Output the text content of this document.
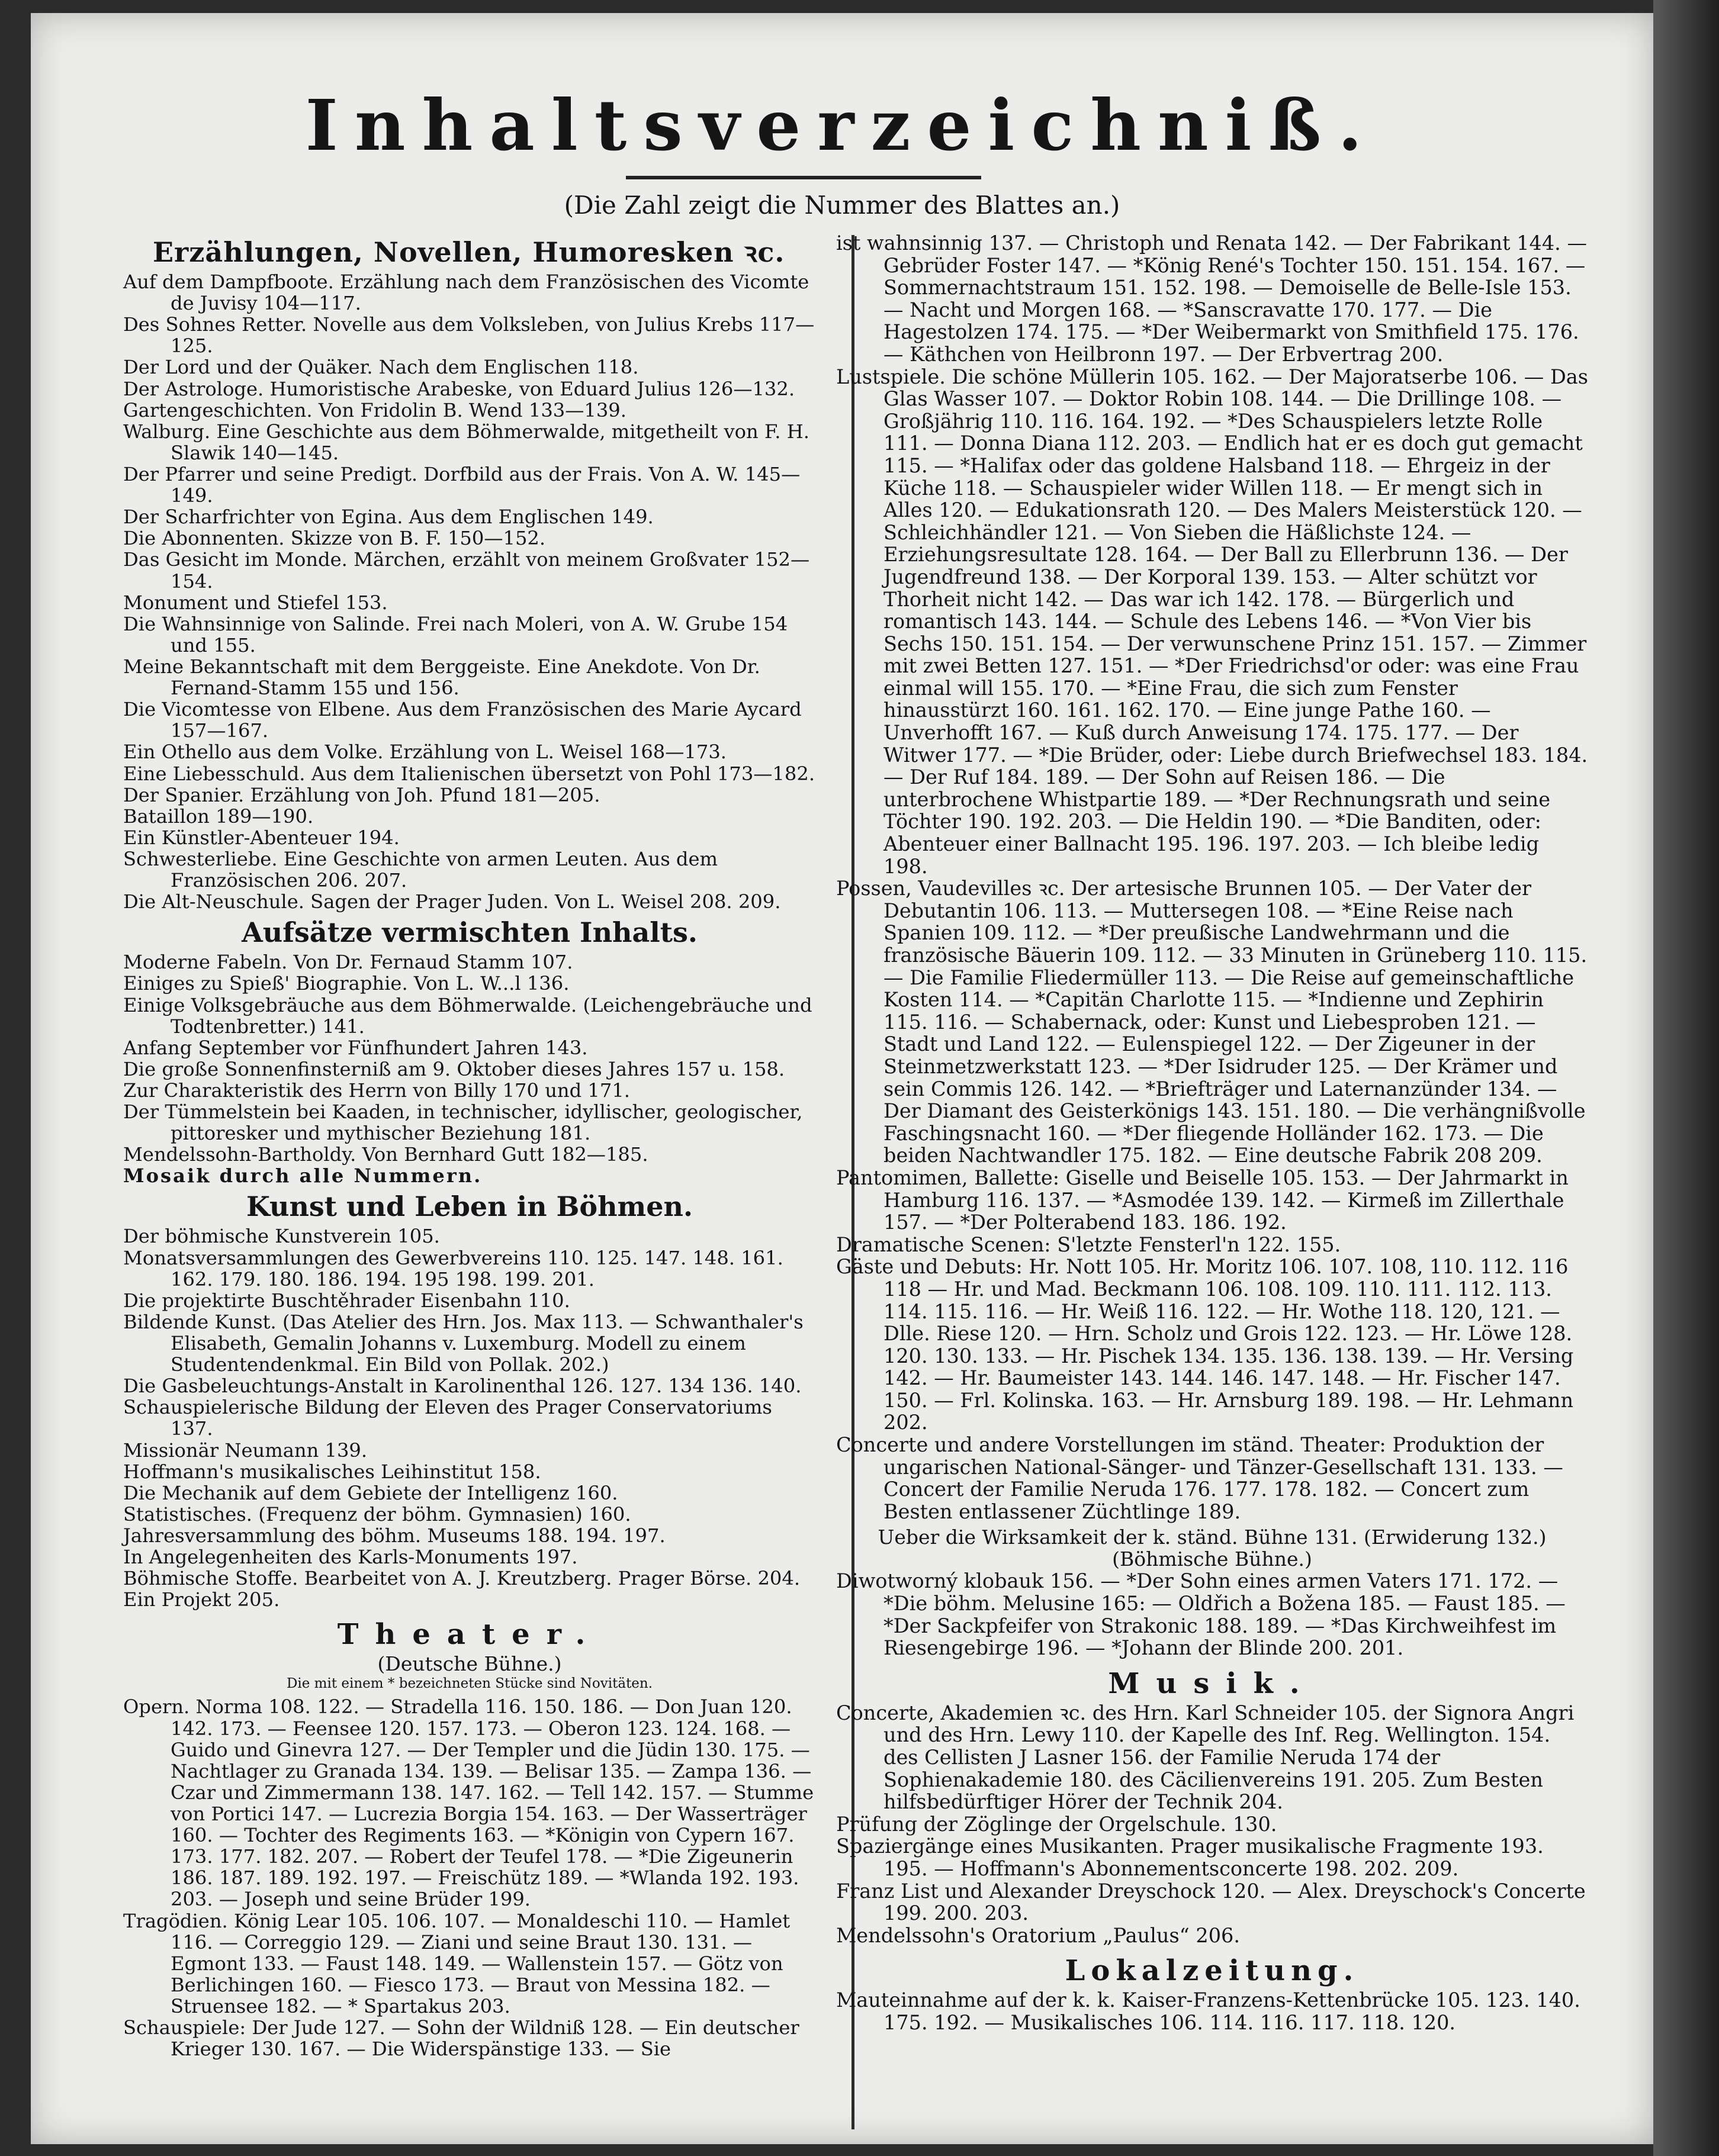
Inhaltsverzeichniß.
(Die Zahl zeigt die Nummer des Blattes an.)
Erzählungen, Novellen, Humoresken ꝛc.

Auf dem Dampfboote. Erzählung nach dem Französischen des Vicomte de Juvisy 104—117.

Des Sohnes Retter. Novelle aus dem Volksleben, von Julius Krebs 117—125.

Der Lord und der Quäker. Nach dem Englischen 118.

Der Astrologe. Humoristische Arabeske, von Eduard Julius 126—132.

Gartengeschichten. Von Fridolin B. Wend 133—139.

Walburg. Eine Geschichte aus dem Böhmerwalde, mitgetheilt von F. H. Slawik 140—145.

Der Pfarrer und seine Predigt. Dorfbild aus der Frais. Von A. W. 145—149.

Der Scharfrichter von Egina. Aus dem Englischen 149.

Die Abonnenten. Skizze von B. F. 150—152.

Das Gesicht im Monde. Märchen, erzählt von meinem Großvater 152—154.

Monument und Stiefel 153.

Die Wahnsinnige von Salinde. Frei nach Moleri, von A. W. Grube 154 und 155.

Meine Bekanntschaft mit dem Berggeiste. Eine Anekdote. Von Dr. Fernand-Stamm 155 und 156.

Die Vicomtesse von Elbene. Aus dem Französischen des Marie Aycard 157—167.

Ein Othello aus dem Volke. Erzählung von L. Weisel 168—173.

Eine Liebesschuld. Aus dem Italienischen übersetzt von Pohl 173—182.

Der Spanier. Erzählung von Joh. Pfund 181—205.

Bataillon 189—190.

Ein Künstler-Abenteuer 194.

Schwesterliebe. Eine Geschichte von armen Leuten. Aus dem Französischen 206. 207.

Die Alt-Neuschule. Sagen der Prager Juden. Von L. Weisel 208. 209.

Aufsätze vermischten Inhalts.

Moderne Fabeln. Von Dr. Fernaud Stamm 107.

Einiges zu Spieß' Biographie. Von L. W...l 136.

Einige Volksgebräuche aus dem Böhmerwalde. (Leichengebräuche und Todtenbretter.) 141.

Anfang September vor Fünfhundert Jahren 143.

Die große Sonnenfinsterniß am 9. Oktober dieses Jahres 157 u. 158.

Zur Charakteristik des Herrn von Billy 170 und 171.

Der Tümmelstein bei Kaaden, in technischer, idyllischer, geologischer, pittoresker und mythischer Beziehung 181.

Mendelssohn-Bartholdy. Von Bernhard Gutt 182—185.

Mosaik durch alle Nummern.

Kunst und Leben in Böhmen.

Der böhmische Kunstverein 105.

Monatsversammlungen des Gewerbvereins 110. 125. 147. 148. 161. 162. 179. 180. 186. 194. 195 198. 199. 201.

Die projektirte Buschtěhrader Eisenbahn 110.

Bildende Kunst. (Das Atelier des Hrn. Jos. Max 113. — Schwanthaler's Elisabeth, Gemalin Johanns v. Luxemburg. Modell zu einem Studentendenkmal. Ein Bild von Pollak. 202.)

Die Gasbeleuchtungs-Anstalt in Karolinenthal 126. 127. 134 136. 140.

Schauspielerische Bildung der Eleven des Prager Conservatoriums 137.

Missionär Neumann 139.

Hoffmann's musikalisches Leihinstitut 158.

Die Mechanik auf dem Gebiete der Intelligenz 160.

Statistisches. (Frequenz der böhm. Gymnasien) 160.

Jahresversammlung des böhm. Museums 188. 194. 197.

In Angelegenheiten des Karls-Monuments 197.

Böhmische Stoffe. Bearbeitet von A. J. Kreutzberg. Prager Börse. 204.

Ein Projekt 205.

Theater.
(Deutsche Bühne.)
Die mit einem * bezeichneten Stücke sind Novitäten.

Opern. Norma 108. 122. — Stradella 116. 150. 186. — Don Juan 120. 142. 173. — Feensee 120. 157. 173. — Oberon 123. 124. 168. — Guido und Ginevra 127. — Der Templer und die Jüdin 130. 175. — Nachtlager zu Granada 134. 139. — Belisar 135. — Zampa 136. — Czar und Zimmermann 138. 147. 162. — Tell 142. 157. — Stumme von Portici 147. — Lucrezia Borgia 154. 163. — Der Wasserträger 160. — Tochter des Regiments 163. — *Königin von Cypern 167. 173. 177. 182. 207. — Robert der Teufel 178. — *Die Zigeunerin 186. 187. 189. 192. 197. — Freischütz 189. — *Wlanda 192. 193. 203. — Joseph und seine Brüder 199.

Tragödien. König Lear 105. 106. 107. — Monaldeschi 110. — Hamlet 116. — Correggio 129. — Ziani und seine Braut 130. 131. — Egmont 133. — Faust 148. 149. — Wallenstein 157. — Götz von Berlichingen 160. — Fiesco 173. — Braut von Messina 182. — Struensee 182. — * Spartakus 203.

Schauspiele: Der Jude 127. — Sohn der Wildniß 128. — Ein deutscher Krieger 130. 167. — Die Widerspänstige 133. — Sie

ist wahnsinnig 137. — Christoph und Renata 142. — Der Fabrikant 144. — Gebrüder Foster 147. — *König René's Tochter 150. 151. 154. 167. — Sommernachtstraum 151. 152. 198. — Demoiselle de Belle-Isle 153. — Nacht und Morgen 168. — *Sanscravatte 170. 177. — Die Hagestolzen 174. 175. — *Der Weibermarkt von Smithfield 175. 176. — Käthchen von Heilbronn 197. — Der Erbvertrag 200.

Lustspiele. Die schöne Müllerin 105. 162. — Der Majoratserbe 106. — Das Glas Wasser 107. — Doktor Robin 108. 144. — Die Drillinge 108. — Großjährig 110. 116. 164. 192. — *Des Schauspielers letzte Rolle 111. — Donna Diana 112. 203. — Endlich hat er es doch gut gemacht 115. — *Halifax oder das goldene Halsband 118. — Ehrgeiz in der Küche 118. — Schauspieler wider Willen 118. — Er mengt sich in Alles 120. — Edukationsrath 120. — Des Malers Meisterstück 120. — Schleichhändler 121. — Von Sieben die Häßlichste 124. — Erziehungsresultate 128. 164. — Der Ball zu Ellerbrunn 136. — Der Jugendfreund 138. — Der Korporal 139. 153. — Alter schützt vor Thorheit nicht 142. — Das war ich 142. 178. — Bürgerlich und romantisch 143. 144. — Schule des Lebens 146. — *Von Vier bis Sechs 150. 151. 154. — Der verwunschene Prinz 151. 157. — Zimmer mit zwei Betten 127. 151. — *Der Friedrichsd'or oder: was eine Frau einmal will 155. 170. — *Eine Frau, die sich zum Fenster hinausstürzt 160. 161. 162. 170. — Eine junge Pathe 160. — Unverhofft 167. — Kuß durch Anweisung 174. 175. 177. — Der Witwer 177. — *Die Brüder, oder: Liebe durch Briefwechsel 183. 184. — Der Ruf 184. 189. — Der Sohn auf Reisen 186. — Die unterbrochene Whistpartie 189. — *Der Rechnungsrath und seine Töchter 190. 192. 203. — Die Heldin 190. — *Die Banditen, oder: Abenteuer einer Ballnacht 195. 196. 197. 203. — Ich bleibe ledig 198.

Possen, Vaudevilles ꝛc. Der artesische Brunnen 105. — Der Vater der Debutantin 106. 113. — Muttersegen 108. — *Eine Reise nach Spanien 109. 112. — *Der preußische Landwehrmann und die französische Bäuerin 109. 112. — 33 Minuten in Grüneberg 110. 115. — Die Familie Fliedermüller 113. — Die Reise auf gemeinschaftliche Kosten 114. — *Capitän Charlotte 115. — *Indienne und Zephirin 115. 116. — Schabernack, oder: Kunst und Liebesproben 121. — Stadt und Land 122. — Eulenspiegel 122. — Der Zigeuner in der Steinmetzwerkstatt 123. — *Der Isidruder 125. — Der Krämer und sein Commis 126. 142. — *Briefträger und Laternanzünder 134. — Der Diamant des Geisterkönigs 143. 151. 180. — Die verhängnißvolle Faschingsnacht 160. — *Der fliegende Holländer 162. 173. — Die beiden Nachtwandler 175. 182. — Eine deutsche Fabrik 208 209.

Pantomimen, Ballette: Giselle und Beiselle 105. 153. — Der Jahrmarkt in Hamburg 116. 137. — *Asmodée 139. 142. — Kirmeß im Zillerthale 157. — *Der Polterabend 183. 186. 192.

Dramatische Scenen: S'letzte Fensterl'n 122. 155.

Gäste und Debuts: Hr. Nott 105. Hr. Moritz 106. 107. 108, 110. 112. 116 118 — Hr. und Mad. Beckmann 106. 108. 109. 110. 111. 112. 113. 114. 115. 116. — Hr. Weiß 116. 122. — Hr. Wothe 118. 120, 121. — Dlle. Riese 120. — Hrn. Scholz und Grois 122. 123. — Hr. Löwe 128. 120. 130. 133. — Hr. Pischek 134. 135. 136. 138. 139. — Hr. Versing 142. — Hr. Baumeister 143. 144. 146. 147. 148. — Hr. Fischer 147. 150. — Frl. Kolinska. 163. — Hr. Arnsburg 189. 198. — Hr. Lehmann 202.

Concerte und andere Vorstellungen im ständ. Theater: Produktion der ungarischen National-Sänger- und Tänzer-Gesellschaft 131. 133. — Concert der Familie Neruda 176. 177. 178. 182. — Concert zum Besten entlassener Züchtlinge 189.

Ueber die Wirksamkeit der k. ständ. Bühne 131. (Erwiderung 132.)
(Böhmische Bühne.)

Diwotworný klobauk 156. — *Der Sohn eines armen Vaters 171. 172. — *Die böhm. Melusine 165: — Oldřich a Božena 185. — Faust 185. — *Der Sackpfeifer von Strakonic 188. 189. — *Das Kirchweihfest im Riesengebirge 196. — *Johann der Blinde 200. 201.

Musik.

Concerte, Akademien ꝛc. des Hrn. Karl Schneider 105. der Signora Angri und des Hrn. Lewy 110. der Kapelle des Inf. Reg. Wellington. 154. des Cellisten J Lasner 156. der Familie Neruda 174 der Sophienakademie 180. des Cäcilienvereins 191. 205. Zum Besten hilfsbedürftiger Hörer der Technik 204.

Prüfung der Zöglinge der Orgelschule. 130.

Spaziergänge eines Musikanten. Prager musikalische Fragmente 193. 195. — Hoffmann's Abonnementsconcerte 198. 202. 209.

Franz List und Alexander Dreyschock 120. — Alex. Dreyschock's Concerte 199. 200. 203.

Mendelssohn's Oratorium „Paulus“ 206.

Lokalzeitung.

Mauteinnahme auf der k. k. Kaiser-Franzens-Kettenbrücke 105. 123. 140. 175. 192. — Musikalisches 106. 114. 116. 117. 118. 120.
